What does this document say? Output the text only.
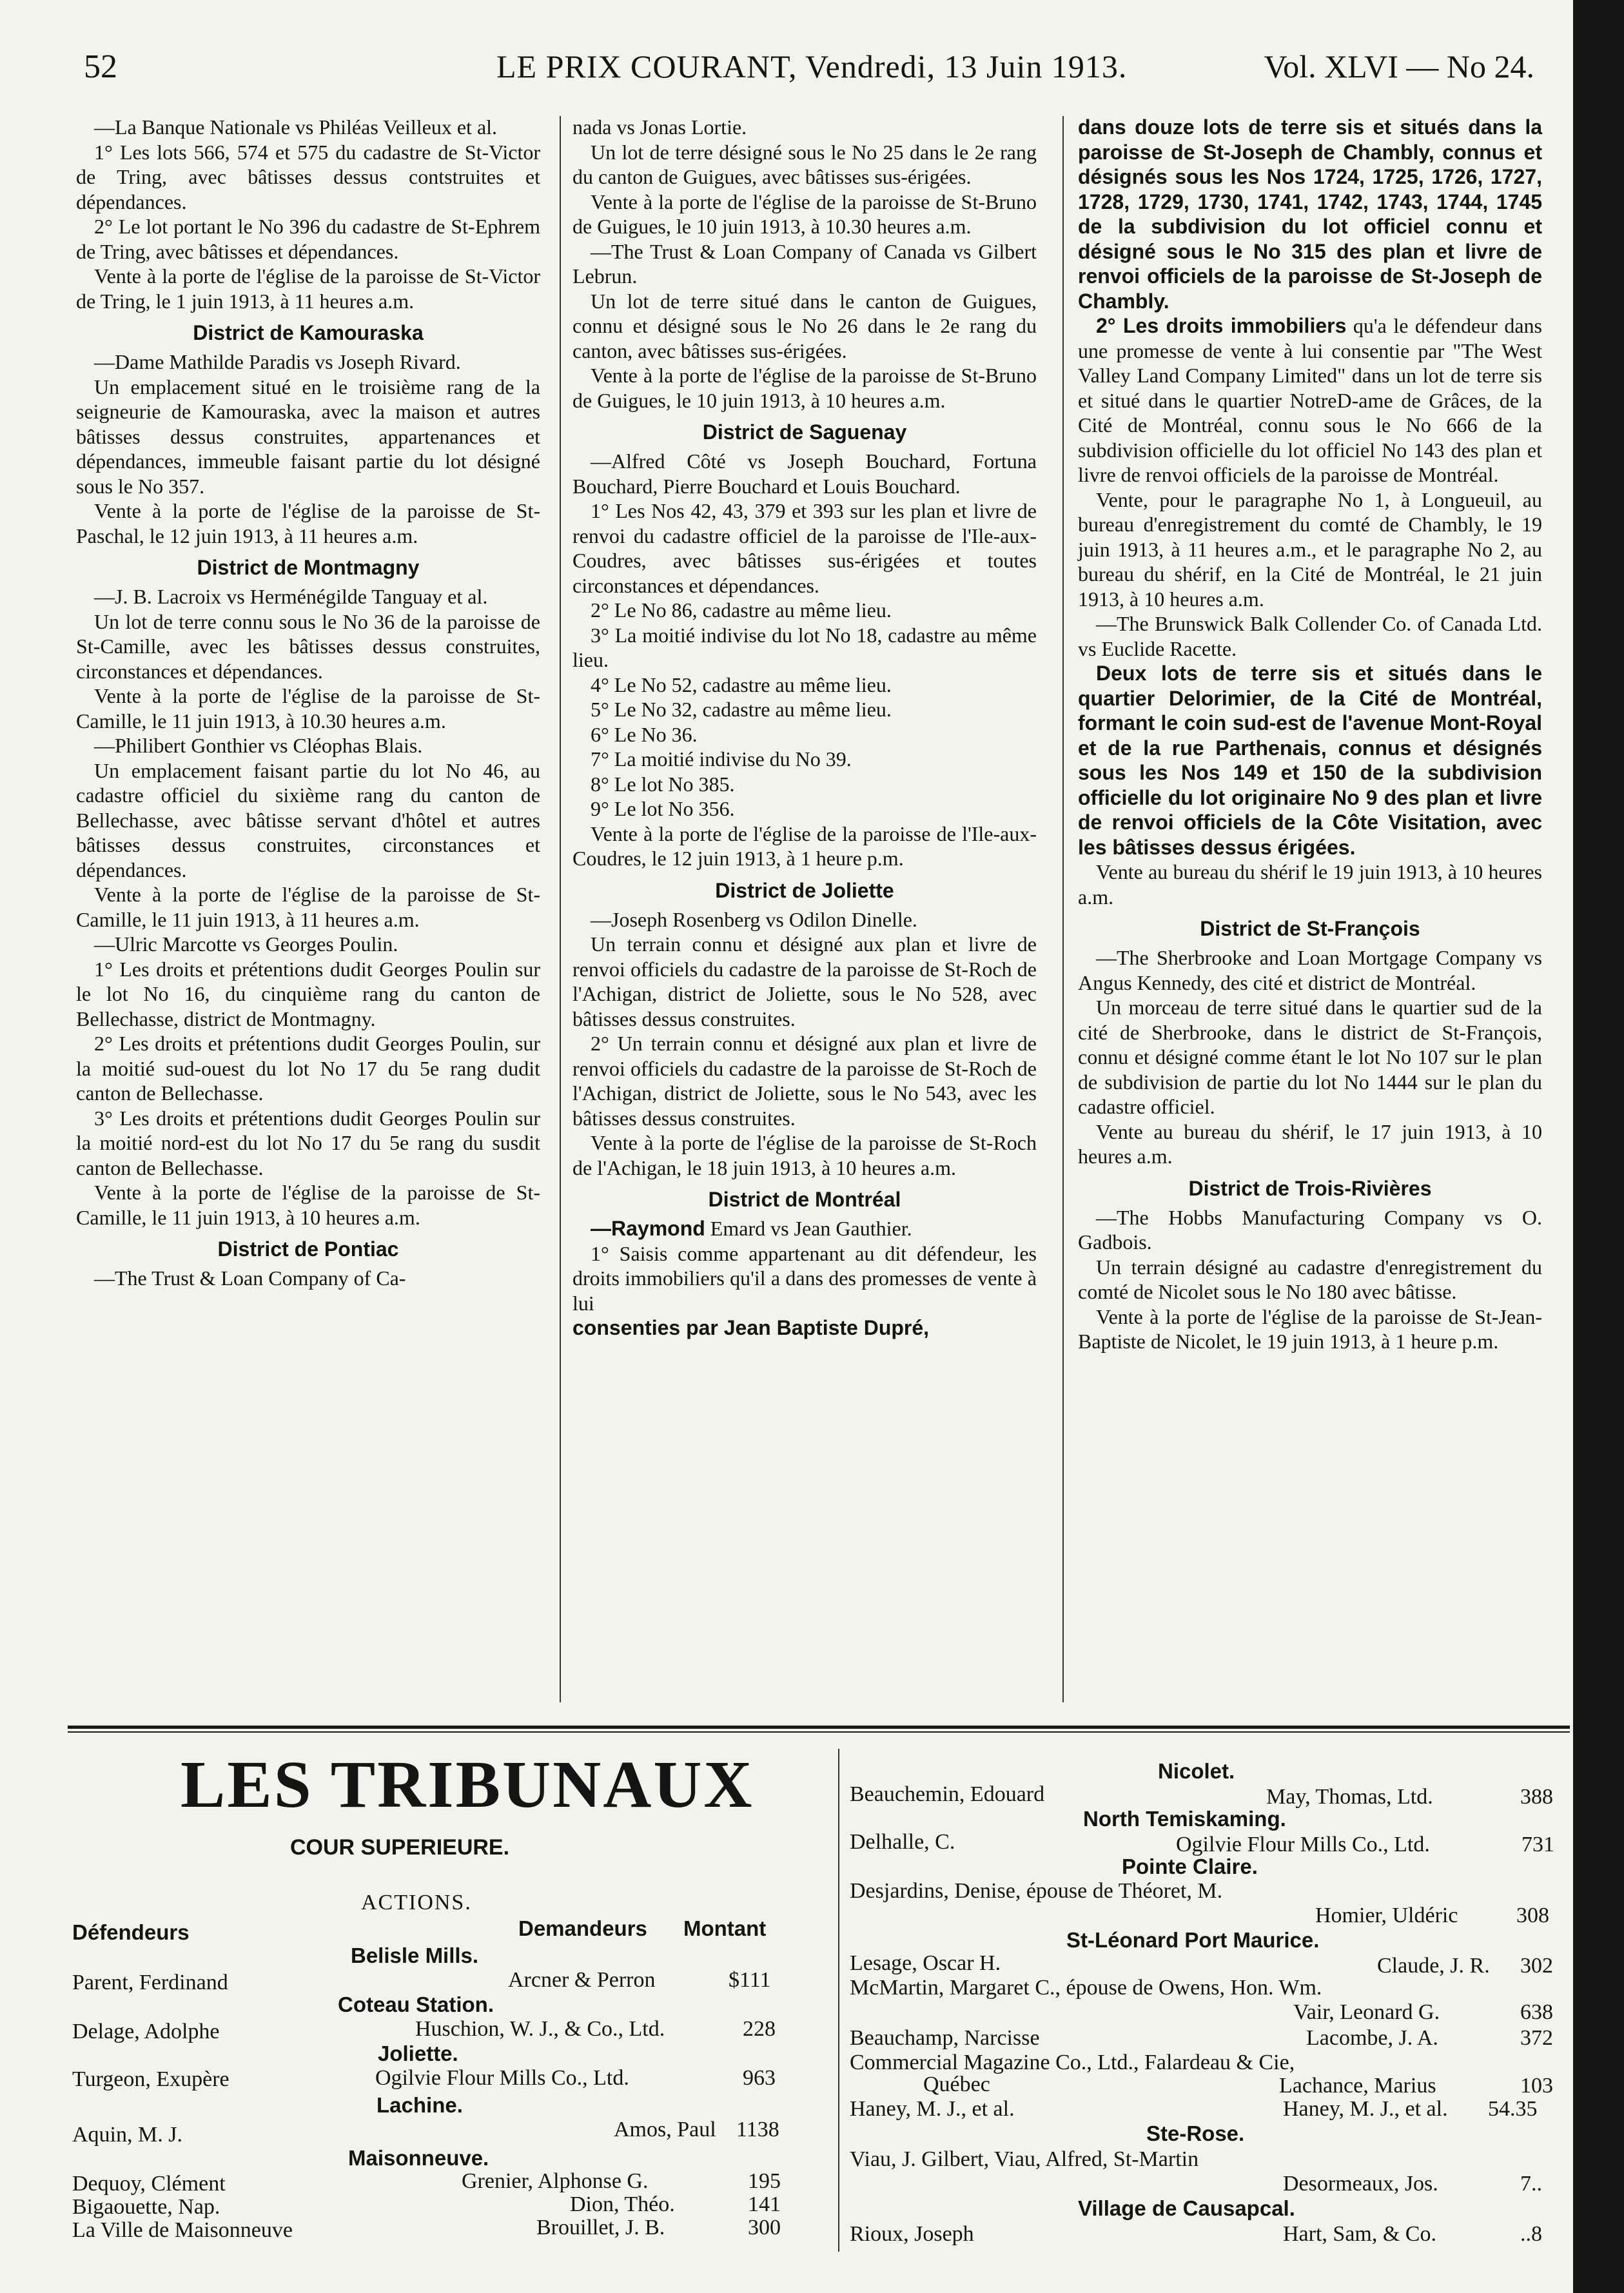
52	LE PRIX COURANT, Vendredi, 13 Juin 1913.	Vol. XLVI — No 24.

—La Banque Nationale vs Philéas Veilleux et al.

1° Les lots 566, 574 et 575 du cadastre de St-Victor de Tring, avec bâtisses dessus contstruites et dépendances.

2° Le lot portant le No 396 du cadastre de St-Ephrem de Tring, avec bâtisses et dépendances.

Vente à la porte de l'église de la paroisse de St-Victor de Tring, le 1 juin 1913, à 11 heures a.m.

District de Kamouraska

—Dame Mathilde Paradis vs Joseph Rivard.

Un emplacement situé en le troisième rang de la seigneurie de Kamouraska, avec la maison et autres bâtisses dessus construites, appartenances et dépendances, immeuble faisant partie du lot désigné sous le No 357.

Vente à la porte de l'église de la paroisse de St-Paschal, le 12 juin 1913, à 11 heures a.m.

District de Montmagny

—J. B. Lacroix vs Herménégilde Tanguay et al.

Un lot de terre connu sous le No 36 de la paroisse de St-Camille, avec les bâtisses dessus construites, circonstances et dépendances.

Vente à la porte de l'église de la paroisse de St-Camille, le 11 juin 1913, à 10.30 heures a.m.

—Philibert Gonthier vs Cléophas Blais.

Un emplacement faisant partie du lot No 46, au cadastre officiel du sixième rang du canton de Bellechasse, avec bâtisse servant d'hôtel et autres bâtisses dessus construites, circonstances et dépendances.

Vente à la porte de l'église de la paroisse de St-Camille, le 11 juin 1913, à 11 heures a.m.

—Ulric Marcotte vs Georges Poulin.

1° Les droits et prétentions dudit Georges Poulin sur le lot No 16, du cinquième rang du canton de Bellechasse, district de Montmagny.

2° Les droits et prétentions dudit Georges Poulin, sur la moitié sud-ouest du lot No 17 du 5e rang dudit canton de Bellechasse.

3° Les droits et prétentions dudit Georges Poulin sur la moitié nord-est du lot No 17 du 5e rang du susdit canton de Bellechasse.

Vente à la porte de l'église de la paroisse de St-Camille, le 11 juin 1913, à 10 heures a.m.

District de Pontiac

—The Trust & Loan Company of Ca-

nada vs Jonas Lortie.

Un lot de terre désigné sous le No 25 dans le 2e rang du canton de Guigues, avec bâtisses sus-érigées.

Vente à la porte de l'église de la paroisse de St-Bruno de Guigues, le 10 juin 1913, à 10.30 heures a.m.

—The Trust & Loan Company of Canada vs Gilbert Lebrun.

Un lot de terre situé dans le canton de Guigues, connu et désigné sous le No 26 dans le 2e rang du canton, avec bâtisses sus-érigées.

Vente à la porte de l'église de la paroisse de St-Bruno de Guigues, le 10 juin 1913, à 10 heures a.m.

District de Saguenay

—Alfred Côté vs Joseph Bouchard, Fortuna Bouchard, Pierre Bouchard et Louis Bouchard.

1° Les Nos 42, 43, 379 et 393 sur les plan et livre de renvoi du cadastre officiel de la paroisse de l'Ile-aux-Coudres, avec bâtisses sus-érigées et toutes circonstances et dépendances.

2° Le No 86, cadastre au même lieu.

3° La moitié indivise du lot No 18, cadastre au même lieu.

4° Le No 52, cadastre au même lieu.

5° Le No 32, cadastre au même lieu.

6° Le No 36.

7° La moitié indivise du No 39.

8° Le lot No 385.

9° Le lot No 356.

Vente à la porte de l'église de la paroisse de l'Ile-aux-Coudres, le 12 juin 1913, à 1 heure p.m.

District de Joliette

—Joseph Rosenberg vs Odilon Dinelle.

Un terrain connu et désigné aux plan et livre de renvoi officiels du cadastre de la paroisse de St-Roch de l'Achigan, district de Joliette, sous le No 528, avec bâtisses dessus construites.

2° Un terrain connu et désigné aux plan et livre de renvoi officiels du cadastre de la paroisse de St-Roch de l'Achigan, district de Joliette, sous le No 543, avec les bâtisses dessus construites.

Vente à la porte de l'église de la paroisse de St-Roch de l'Achigan, le 18 juin 1913, à 10 heures a.m.

District de Montréal

—Raymond Emard vs Jean Gauthier.

1° Saisis comme appartenant au dit défendeur, les droits immobiliers qu'il a dans des promesses de vente à lui

consenties par Jean Baptiste Dupré,

dans douze lots de terre sis et situés dans la paroisse de St-Joseph de Chambly, connus et désignés sous les Nos 1724, 1725, 1726, 1727, 1728, 1729, 1730, 1741, 1742, 1743, 1744, 1745 de la subdivision du lot officiel connu et désigné sous le No 315 des plan et livre de renvoi officiels de la paroisse de St-Joseph de Chambly.

2° Les droits immobiliers qu'a le défendeur dans une promesse de vente à lui consentie par "The West Valley Land Company Limited" dans un lot de terre sis et situé dans le quartier NotreD-ame de Grâces, de la Cité de Montréal, connu sous le No 666 de la subdivision officielle du lot officiel No 143 des plan et livre de renvoi officiels de la paroisse de Montréal.

Vente, pour le paragraphe No 1, à Longueuil, au bureau d'enregistrement du comté de Chambly, le 19 juin 1913, à 11 heures a.m., et le paragraphe No 2, au bureau du shérif, en la Cité de Montréal, le 21 juin 1913, à 10 heures a.m.

—The Brunswick Balk Collender Co. of Canada Ltd. vs Euclide Racette.

Deux lots de terre sis et situés dans le quartier Delorimier, de la Cité de Montréal, formant le coin sud-est de l'avenue Mont-Royal et de la rue Parthenais, connus et désignés sous les Nos 149 et 150 de la subdivision officielle du lot originaire No 9 des plan et livre de renvoi officiels de la Côte Visitation, avec les bâtisses dessus érigées.

Vente au bureau du shérif le 19 juin 1913, à 10 heures a.m.

District de St-François

—The Sherbrooke and Loan Mortgage Company vs Angus Kennedy, des cité et district de Montréal.

Un morceau de terre situé dans le quartier sud de la cité de Sherbrooke, dans le district de St-François, connu et désigné comme étant le lot No 107 sur le plan de subdivision de partie du lot No 1444 sur le plan du cadastre officiel.

Vente au bureau du shérif, le 17 juin 1913, à 10 heures a.m.

District de Trois-Rivières

—The Hobbs Manufacturing Company vs O. Gadbois.

Un terrain désigné au cadastre d'enregistrement du comté de Nicolet sous le No 180 avec bâtisse.

Vente à la porte de l'église de la paroisse de St-Jean-Baptiste de Nicolet, le 19 juin 1913, à 1 heure p.m.

LES TRIBUNAUX
COUR SUPERIEURE.
ACTIONS.
Défendeurs	Demandeurs Montant
Belisle Mills.
Parent, Ferdinand	Arcner & Perron	$111
Coteau Station.
Delage, Adolphe	Huschion, W. J., & Co., Ltd.	228
Joliette.
Turgeon, Exupère	Ogilvie Flour Mills Co., Ltd.	963
Lachine.
Aquin, M. J.	Amos, Paul 1138
Maisonneuve.
Dequoy, Clément	Grenier, Alphonse G.	195
Bigaouette, Nap.	Dion, Théo.	141
La Ville de Maisonneuve	Brouillet, J. B.	300
Nicolet.
Beauchemin, Edouard	May, Thomas, Ltd.	388
North Temiskaming.
Delhalle, C.	Ogilvie Flour Mills Co., Ltd.	731
Pointe Claire.
Desjardins, Denise, épouse de Théoret, M.
Homier, Uldéric	308
St-Léonard Port Maurice.
Lesage, Oscar H.	Claude, J. R. 302
McMartin, Margaret C., épouse de Owens, Hon. Wm.
Vair, Leonard G.	638
Beauchamp, Narcisse	Lacombe, J. A.	372
Commercial Magazine Co., Ltd., Falardeau & Cie,
Québec	Lachance, Marius	103
Haney, M. J., et al.	Haney, M. J., et al. 54.35
Ste-Rose.
Viau, J. Gilbert, Viau, Alfred, St-Martin
Desormeaux, Jos.	7..
Village de Causapcal.
Rioux, Joseph	Hart, Sam, & Co.	..8
